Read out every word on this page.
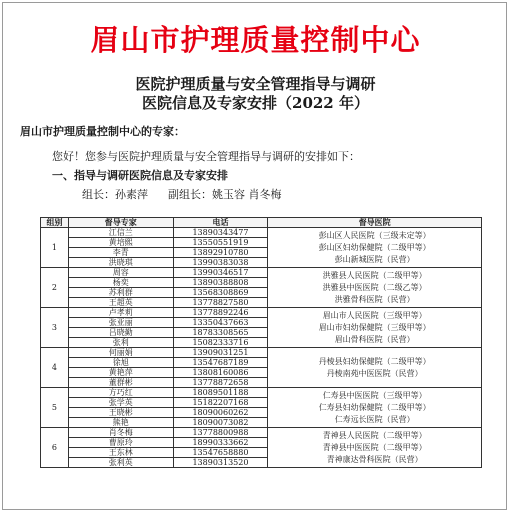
眉山市护理质量控制中心
医院护理质量与安全管理指导与调研
医院信息及专家安排（2022 年）
眉山市护理质量控制中心的专家：
您好！您参与医院护理质量与安全管理指导与调研的安排如下：
一、指导与调研医院信息及专家安排
组长：孙素萍 副组长：姚玉容 肖冬梅
组别	督导专家	电话	督导医院
1	江信兰	13890343477	彭山区人民医院（三级未定等）
彭山区妇幼保健院（二级甲等）
彭山新城医院（民营）

	黄培熙	13550551919	
	李青	13892910780	
	洪晓琪	13990383038	
2	周容	13990346517	洪雅县人民医院（二级甲等）
洪雅县中医医院（二级乙等）
洪雅骨科医院（民营）

	杨奕	13890388808	
	苏利群	13568308869	
	王超英	13778827580	
3	卢孝莉	13778892246	眉山市人民医院（三级甲等）
眉山市妇幼保健院（三级甲等）
眉山骨科医院（民营）

	张亚丽	13350437663	
	吕晓勤	18783308565	
	张利	15082333716	
4	何丽娟	13909031251	丹棱县妇幼保健院（二级甲等）
丹棱南苑中医医院（民营）

	徐旭	13547687189	
	黄艳萍	13808160086	
	董群彬	13778872658	
5	方巧红	18089501188	仁寿县中医医院（三级甲等）
仁寿县妇幼保健院（二级甲等）
仁寿远长医院（民营）

	张学英	15182207168	
	王晓彬	18090060262	
	熊艳	18090073082	
6	肖冬梅	13778800988	青神县人民医院（二级甲等）
青神县中医医院（二级甲等）
青神康达骨科医院（民营）

	曹原玲	18990333662	
	王东林	13547658880	
	张利英	13890313520	
